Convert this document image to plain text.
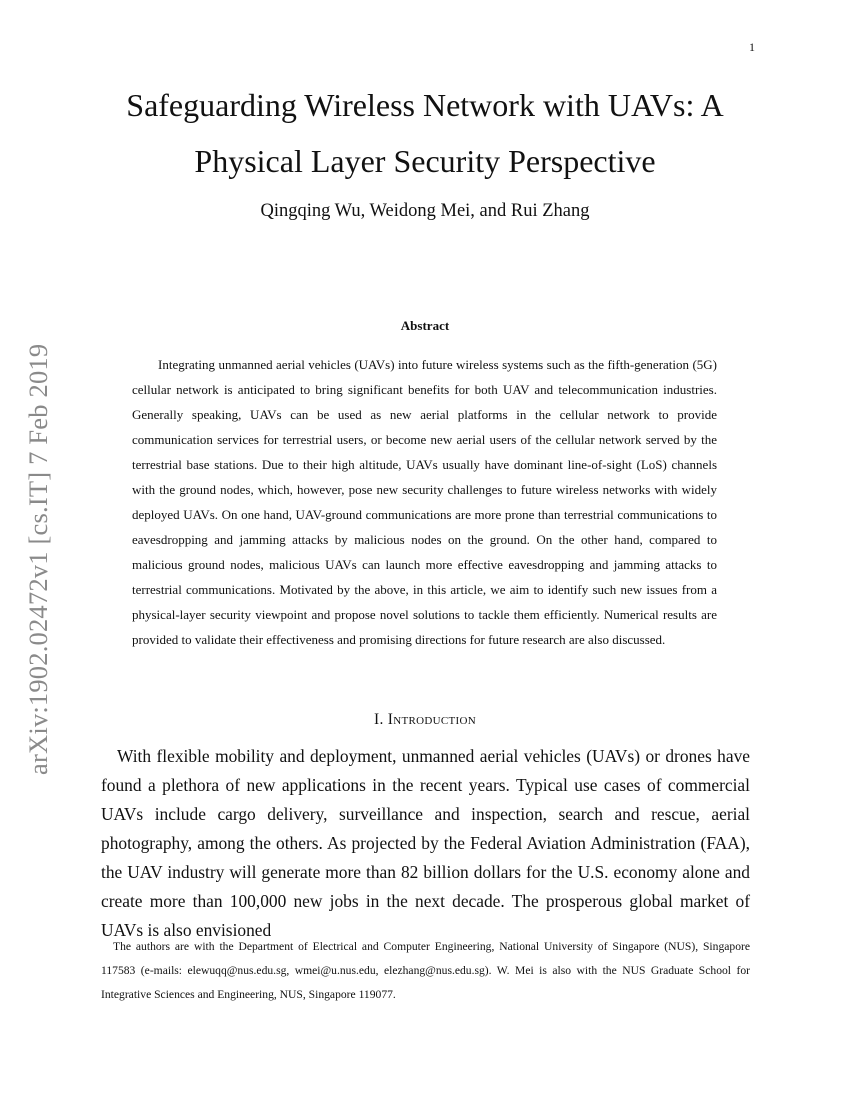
1
arXiv:1902.02472v1 [cs.IT] 7 Feb 2019
Safeguarding Wireless Network with UAVs: A
Physical Layer Security Perspective
Qingqing Wu, Weidong Mei, and Rui Zhang
Abstract

Integrating unmanned aerial vehicles (UAVs) into future wireless systems such as the fifth-generation (5G) cellular network is anticipated to bring significant benefits for both UAV and telecommunication industries. Generally speaking, UAVs can be used as new aerial platforms in the cellular network to provide communication services for terrestrial users, or become new aerial users of the cellular network served by the terrestrial base stations. Due to their high altitude, UAVs usually have dominant line-of-sight (LoS) channels with the ground nodes, which, however, pose new security challenges to future wireless networks with widely deployed UAVs. On one hand, UAV-ground communications are more prone than terrestrial communications to eavesdropping and jamming attacks by malicious nodes on the ground. On the other hand, compared to malicious ground nodes, malicious UAVs can launch more effective eavesdropping and jamming attacks to terrestrial communications. Motivated by the above, in this article, we aim to identify such new issues from a physical-layer security viewpoint and propose novel solutions to tackle them efficiently. Numerical results are provided to validate their effectiveness and promising directions for future research are also discussed.

I. Introduction

With flexible mobility and deployment, unmanned aerial vehicles (UAVs) or drones have found a plethora of new applications in the recent years. Typical use cases of commercial UAVs include cargo delivery, surveillance and inspection, search and rescue, aerial photography, among the others. As projected by the Federal Aviation Administration (FAA), the UAV industry will generate more than 82 billion dollars for the U.S. economy alone and create more than 100,000 new jobs in the next decade. The prosperous global market of UAVs is also envisioned

The authors are with the Department of Electrical and Computer Engineering, National University of Singapore (NUS), Singapore 117583 (e-mails: elewuqq@nus.edu.sg, wmei@u.nus.edu, elezhang@nus.edu.sg). W. Mei is also with the NUS Graduate School for Integrative Sciences and Engineering, NUS, Singapore 119077.
